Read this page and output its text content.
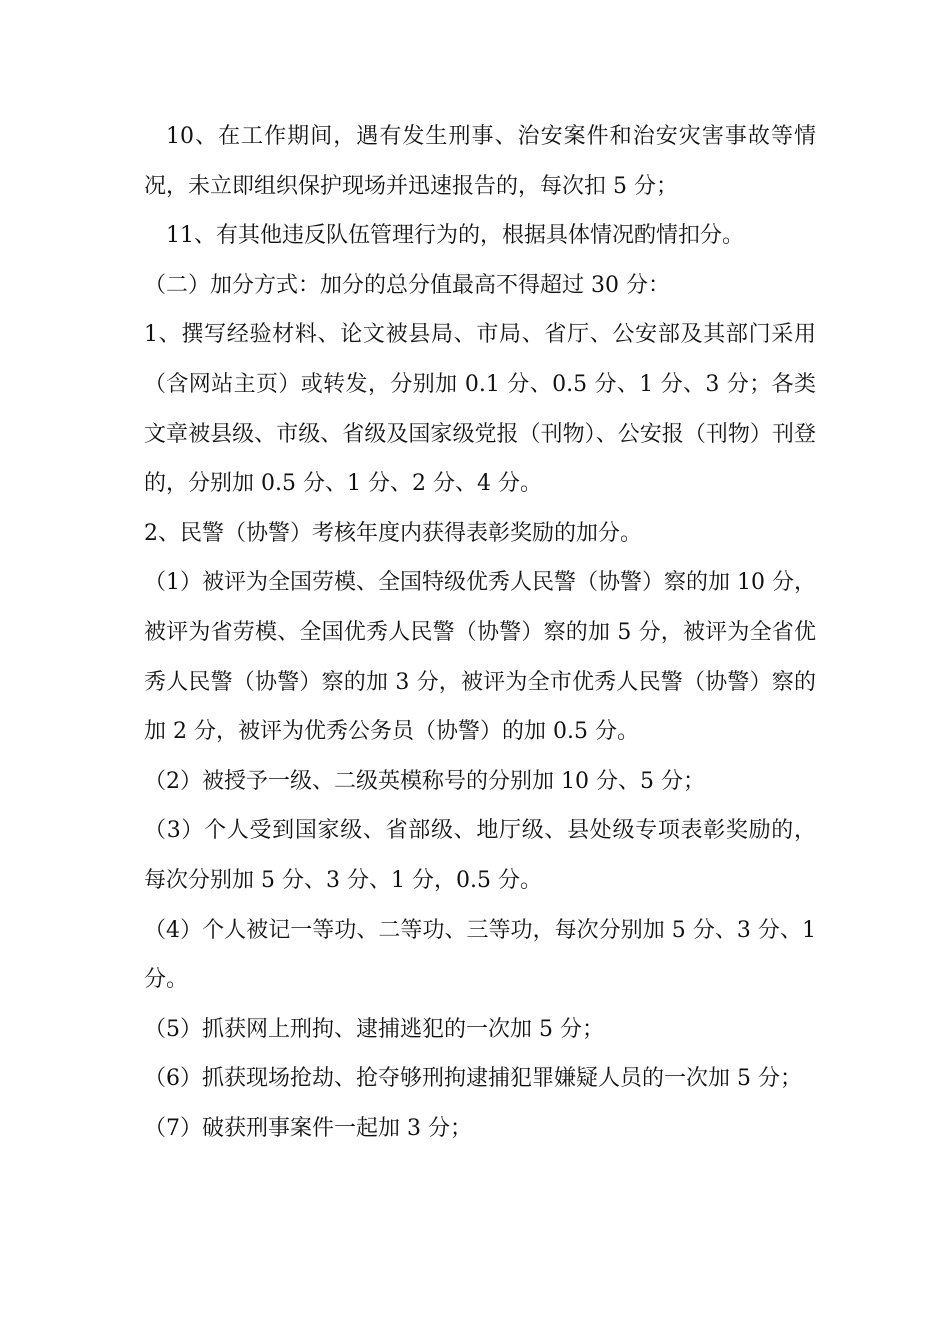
10、在工作期间，遇有发生刑事、治安案件和治安灾害事故等情况，未立即组织保护现场并迅速报告的，每次扣 5 分；

11、有其他违反队伍管理行为的，根据具体情况酌情扣分。

（二）加分方式：加分的总分值最高不得超过 30 分：

1、撰写经验材料、论文被县局、市局、省厅、公安部及其部门采用（含网站主页）或转发，分别加 0.1 分、0.5 分、1 分、3 分；各类文章被县级、市级、省级及国家级党报（刊物）、公安报（刊物）刊登的，分别加 0.5 分、1 分、2 分、4 分。

2、民警（协警）考核年度内获得表彰奖励的加分。

（1）被评为全国劳模、全国特级优秀人民警（协警）察的加 10 分，被评为省劳模、全国优秀人民警（协警）察的加 5 分，被评为全省优秀人民警（协警）察的加 3 分，被评为全市优秀人民警（协警）察的加 2 分，被评为优秀公务员（协警）的加 0.5 分。

（2）被授予一级、二级英模称号的分别加 10 分、5 分；

（3）个人受到国家级、省部级、地厅级、县处级专项表彰奖励的，每次分别加 5 分、3 分、1 分，0.5 分。

（4）个人被记一等功、二等功、三等功，每次分别加 5 分、3 分、1 分。

（5）抓获网上刑拘、逮捕逃犯的一次加 5 分；

（6）抓获现场抢劫、抢夺够刑拘逮捕犯罪嫌疑人员的一次加 5 分；

（7）破获刑事案件一起加 3 分；
